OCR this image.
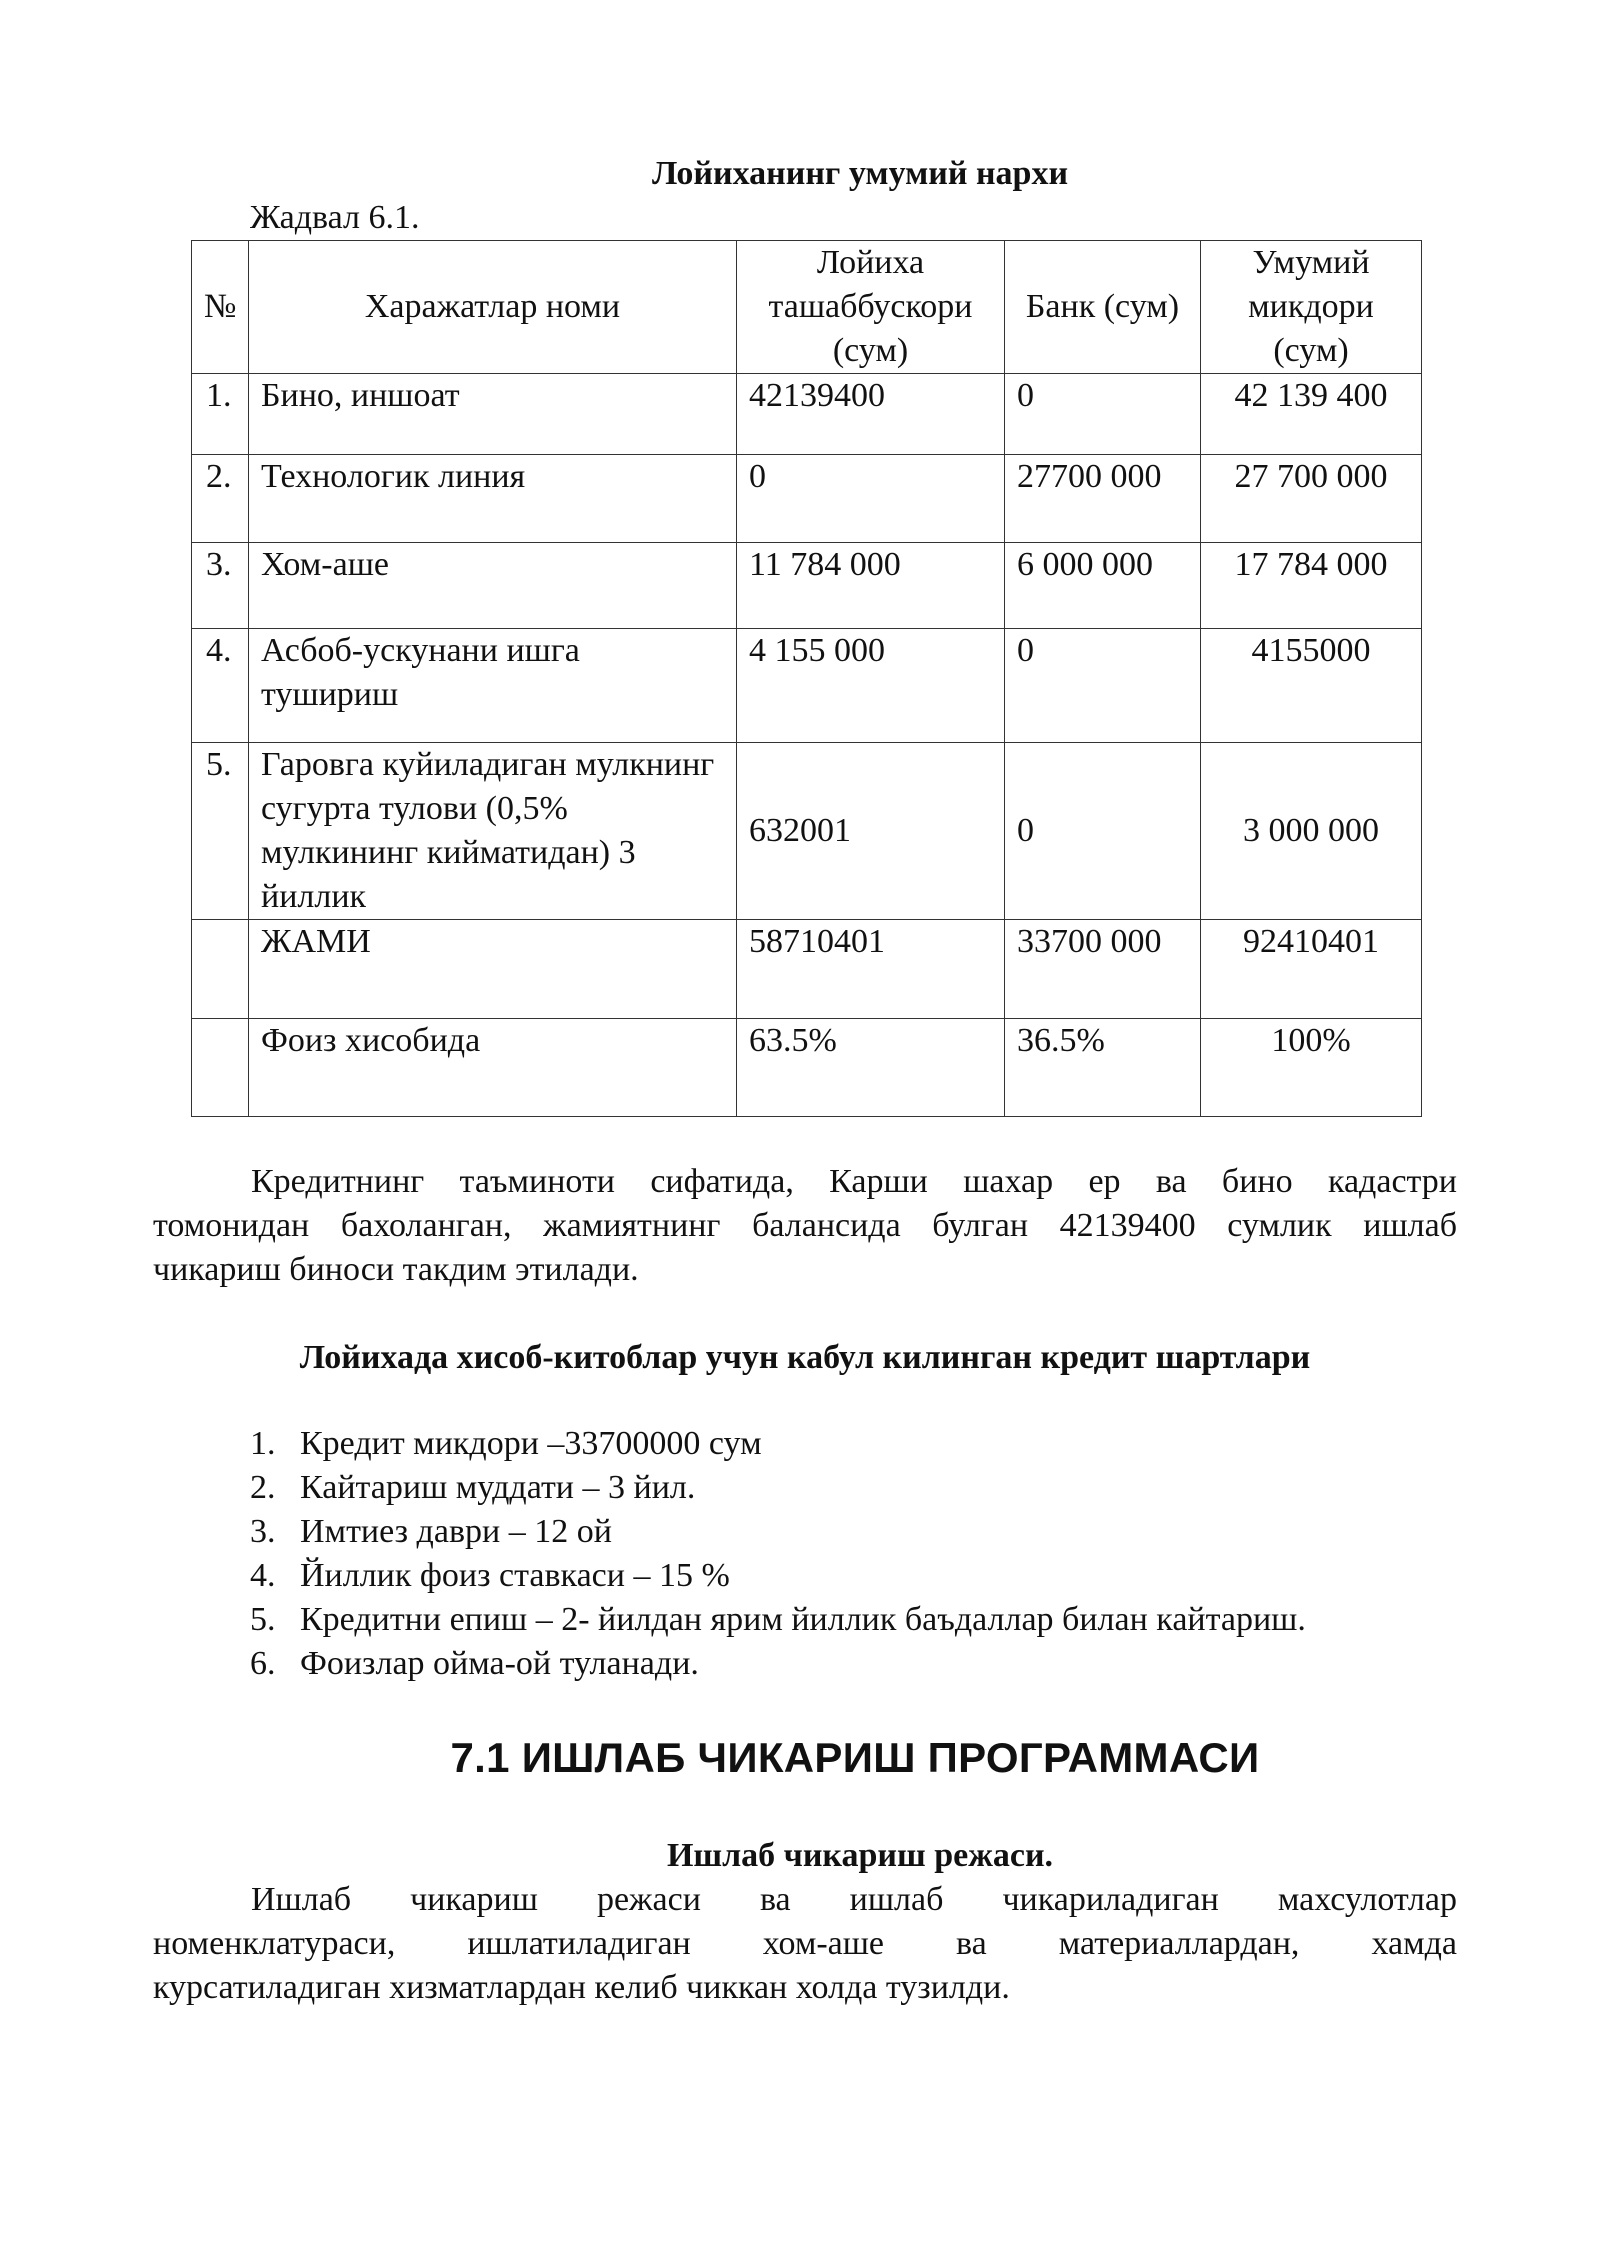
Лойиханинг умумий нархи
Жадвал 6.1.
№	Харажатлар номи	Лойиха ташаббускори (сум)	Банк (сум)	Умумий микдори (сум)
1.	Бино, иншоат	42139400	0	42 139 400
2.	Технологик линия	0	27700 000	27 700 000
3.	Хом-аше	11 784 000	6 000 000	17 784 000
4.	Асбоб-ускунани ишга тушириш	4 155 000	0	4155000
5.	Гаровга куйиладиган мулкнинг сугурта тулови (0,5% мулкининг кийматидан) 3 йиллик	632001	0	3 000 000
	ЖАМИ	58710401	33700 000	92410401
	Фоиз хисобида	63.5%	36.5%	100%
Кредитнинг таъминоти сифатида, Карши шахар ер ва бино кадастри
томонидан бахоланган, жамиятнинг балансида булган 42139400 сумлик ишлаб
чикариш биноси такдим этилади.
Лойихада хисоб-китоблар учун кабул килинган кредит шартлари
1. Кредит микдори –33700000 сум
2. Кайтариш муддати – 3 йил.
3. Имтиез даври – 12 ой
4. Йиллик фоиз ставкаси – 15 %
5. Кредитни епиш – 2- йилдан ярим йиллик баъдаллар билан кайтариш.
6. Фоизлар ойма-ой туланади.
7.1 ИШЛАБ ЧИКАРИШ ПРОГРАММАСИ
Ишлаб чикариш режаси.
Ишлаб чикариш режаси ва ишлаб чикариладиган махсулотлар
номенклатураси, ишлатиладиган хом-аше ва материаллардан, хамда
курсатиладиган хизматлардан келиб чиккан холда тузилди.
